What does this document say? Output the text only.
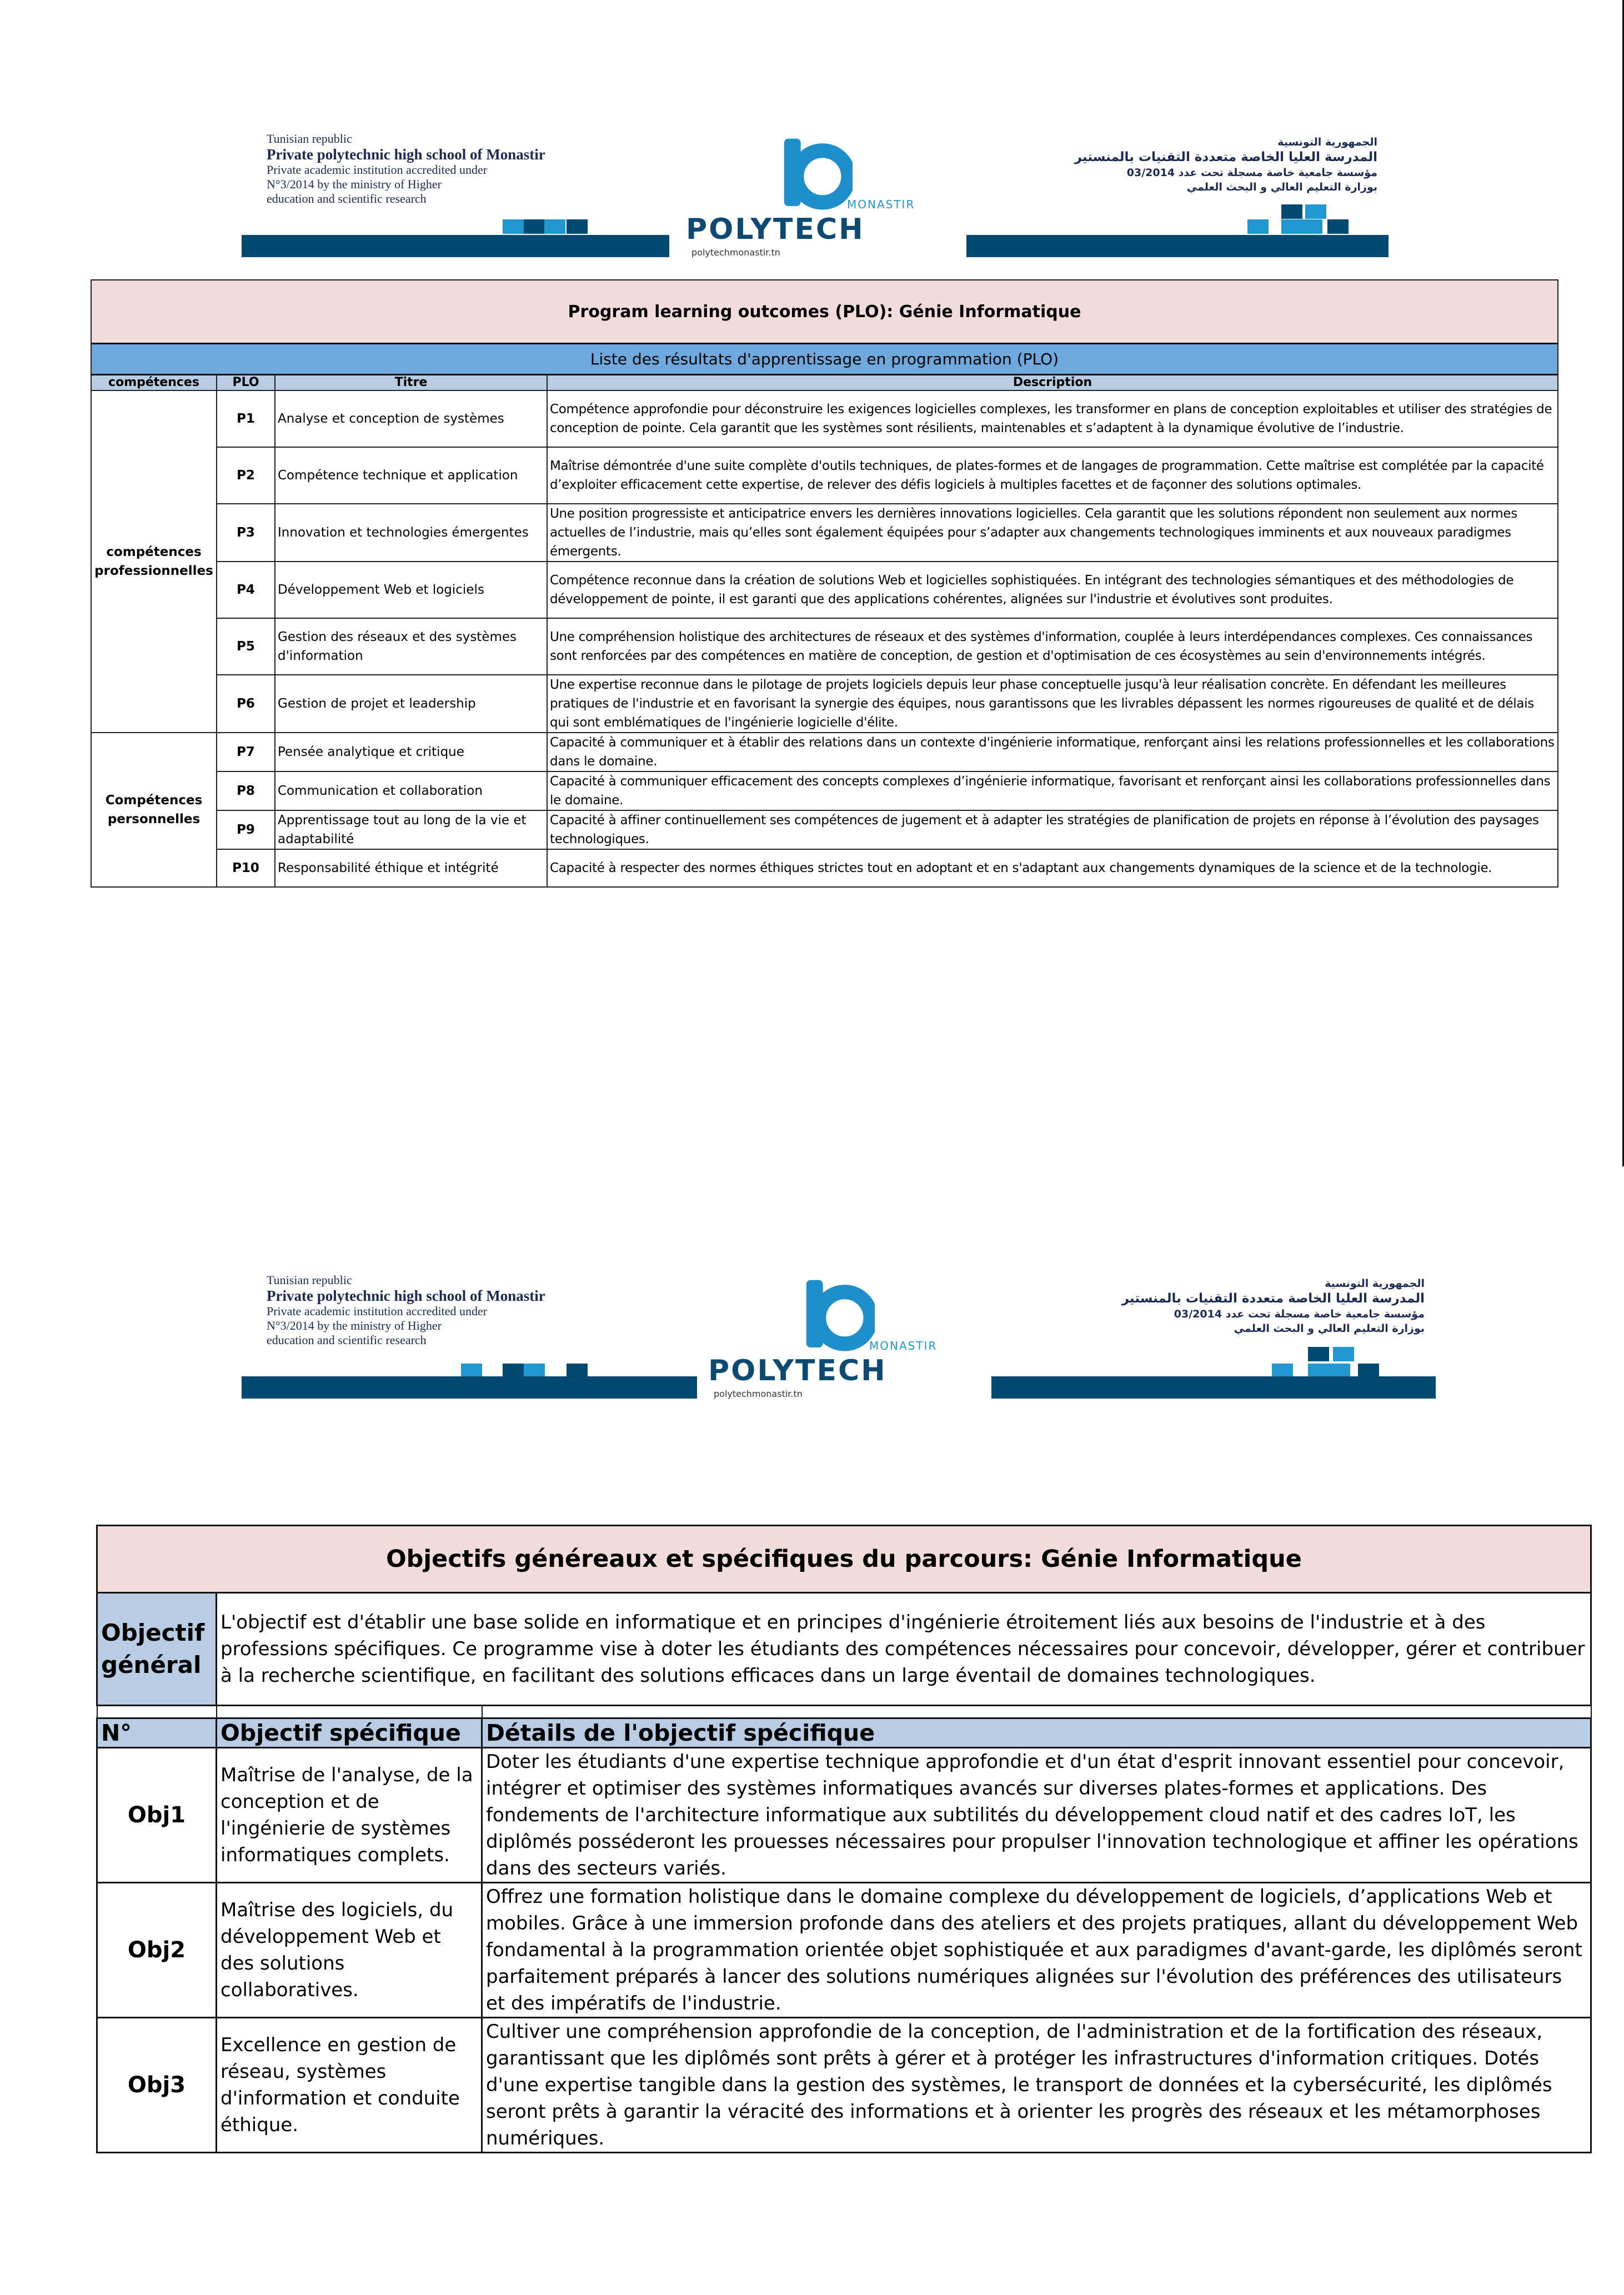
Tunisian republic
Private polytechnic high school of Monastir
Private academic institution accredited under
N°3/2014 by the ministry of Higher
education and scientific research	MONASTIR
POLYTECH
polytechmonastir.tn
الجمهورية التونسية
المدرسة العليا الخاصة متعددة التقنيات بالمنستير
مؤسسة جامعية خاصة مسجلة تحت عدد 03/2014
بوزارة التعليم العالي و البحث العلمي
Program learning outcomes (PLO): Génie Informatique			
Liste des résultats d'apprentissage en programmation (PLO)			
compétences	PLO	Titre	Description
compétences professionnelles	P1	Analyse et conception de systèmes	Compétence approfondie pour déconstruire les exigences logicielles complexes, les transformer en plans de conception exploitables et utiliser des stratégies de conception de pointe. Cela garantit que les systèmes sont résilients, maintenables et s’adaptent à la dynamique évolutive de l’industrie.
	P2	Compétence technique et application	Maîtrise démontrée d'une suite complète d'outils techniques, de plates-formes et de langages de programmation. Cette maîtrise est complétée par la capacité d’exploiter efficacement cette expertise, de relever des défis logiciels à multiples facettes et de façonner des solutions optimales.
	P3	Innovation et technologies émergentes	Une position progressiste et anticipatrice envers les dernières innovations logicielles. Cela garantit que les solutions répondent non seulement aux normes actuelles de l’industrie, mais qu’elles sont également équipées pour s’adapter aux changements technologiques imminents et aux nouveaux paradigmes émergents.
	P4	Développement Web et logiciels	Compétence reconnue dans la création de solutions Web et logicielles sophistiquées. En intégrant des technologies sémantiques et des méthodologies de développement de pointe, il est garanti que des applications cohérentes, alignées sur l'industrie et évolutives sont produites.
	P5	Gestion des réseaux et des systèmes d'information	Une compréhension holistique des architectures de réseaux et des systèmes d'information, couplée à leurs interdépendances complexes. Ces connaissances sont renforcées par des compétences en matière de conception, de gestion et d'optimisation de ces écosystèmes au sein d'environnements intégrés.
	P6	Gestion de projet et leadership	Une expertise reconnue dans le pilotage de projets logiciels depuis leur phase conceptuelle jusqu'à leur réalisation concrète. En défendant les meilleures pratiques de l'industrie et en favorisant la synergie des équipes, nous garantissons que les livrables dépassent les normes rigoureuses de qualité et de délais qui sont emblématiques de l'ingénierie logicielle d'élite.
Compétences personnelles	P7	Pensée analytique et critique	Capacité à communiquer et à établir des relations dans un contexte d'ingénierie informatique, renforçant ainsi les relations professionnelles et les collaborations dans le domaine.
	P8	Communication et collaboration	Capacité à communiquer efficacement des concepts complexes d’ingénierie informatique, favorisant et renforçant ainsi les collaborations professionnelles dans le domaine.
	P9	Apprentissage tout au long de la vie et adaptabilité	Capacité à affiner continuellement ses compétences de jugement et à adapter les stratégies de planification de projets en réponse à l’évolution des paysages technologiques.
	P10	Responsabilité éthique et intégrité	Capacité à respecter des normes éthiques strictes tout en adoptant et en s'adaptant aux changements dynamiques de la science et de la technologie.
Tunisian republic
Private polytechnic high school of Monastir
Private academic institution accredited under
N°3/2014 by the ministry of Higher
education and scientific research	MONASTIR
POLYTECH
polytechmonastir.tn
الجمهورية التونسية
المدرسة العليا الخاصة متعددة التقنيات بالمنستير
مؤسسة جامعية خاصة مسجلة تحت عدد 03/2014
بوزارة التعليم العالي و البحث العلمي
Objectifs généreaux et spécifiques du parcours: Génie Informatique		
Objectif général	L'objectif est d'établir une base solide en informatique et en principes d'ingénierie étroitement liés aux besoins de l'industrie et à des professions spécifiques. Ce programme vise à doter les étudiants des compétences nécessaires pour concevoir, développer, gérer et contribuer à la recherche scientifique, en facilitant des solutions efficaces dans un large éventail de domaines technologiques.	

N°	Objectif spécifique	Détails de l'objectif spécifique
Obj1	Maîtrise de l'analyse, de la conception et de l'ingénierie de systèmes informatiques complets.	Doter les étudiants d'une expertise technique approfondie et d'un état d'esprit innovant essentiel pour concevoir, intégrer et optimiser des systèmes informatiques avancés sur diverses plates-formes et applications. Des fondements de l'architecture informatique aux subtilités du développement cloud natif et des cadres IoT, les diplômés posséderont les prouesses nécessaires pour propulser l'innovation technologique et affiner les opérations dans des secteurs variés.
Obj2	Maîtrise des logiciels, du développement Web et des solutions collaboratives.	Offrez une formation holistique dans le domaine complexe du développement de logiciels, d’applications Web et mobiles. Grâce à une immersion profonde dans des ateliers et des projets pratiques, allant du développement Web fondamental à la programmation orientée objet sophistiquée et aux paradigmes d'avant-garde, les diplômés seront parfaitement préparés à lancer des solutions numériques alignées sur l'évolution des préférences des utilisateurs et des impératifs de l'industrie.
Obj3	Excellence en gestion de réseau, systèmes d'information et conduite éthique.	Cultiver une compréhension approfondie de la conception, de l'administration et de la fortification des réseaux, garantissant que les diplômés sont prêts à gérer et à protéger les infrastructures d'information critiques. Dotés d'une expertise tangible dans la gestion des systèmes, le transport de données et la cybersécurité, les diplômés seront prêts à garantir la véracité des informations et à orienter les progrès des réseaux et les métamorphoses numériques.
